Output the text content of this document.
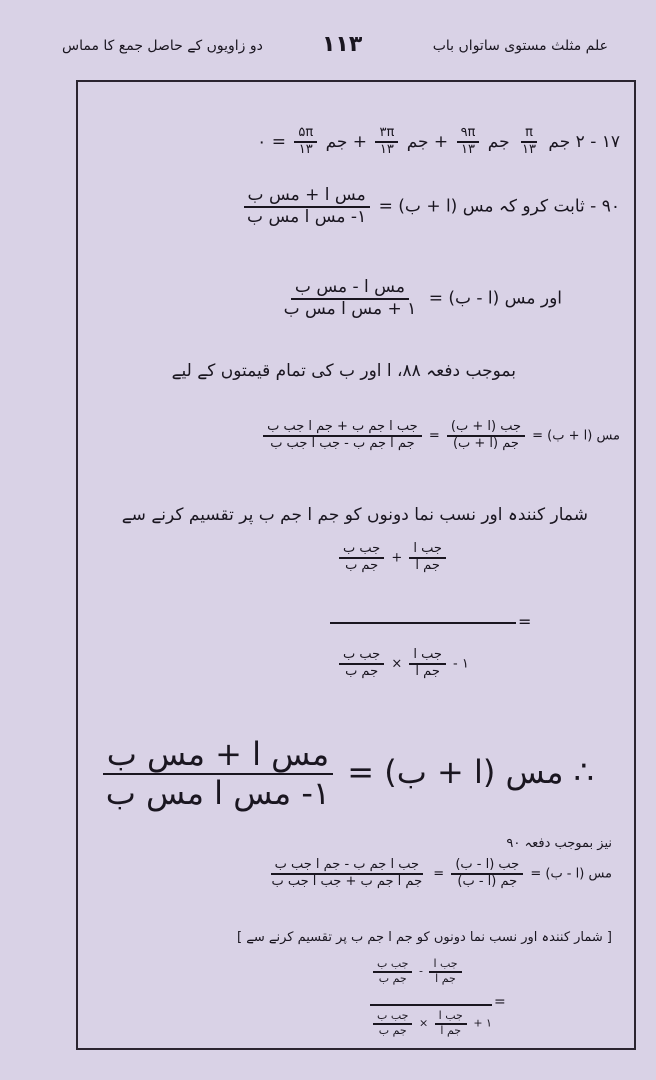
علم مثلث مستوی ساتواں باب
۱۱۳
دو زاویوں کے حاصل جمع کا مماس
۱۷ - ۲ جم
$\frac{\pi}{۱۳}$
جم
$\frac{۹\pi}{۱۳}$
+ جم
$\frac{۳\pi}{۱۳}$
+ جم
$\frac{۵\pi}{۱۳}$
= ۰
۹۰ - ثابت کرو کہ مس (ا + ب) =
$\frac{\text{مس ا + مس ب}}{\text{۱- مس ا مس ب}}$
اور مس (ا - ب) =
$\frac{\text{مس ا - مس ب}}{\text{۱ + مس ا مس ب}}$
بموجب دفعہ ۸۸، ا اور ب کی تمام قیمتوں کے لیے
مس (ا + ب) =
$\frac{\text{جب (ا + ب)}}{\text{جم (ا + ب)}}$
=
$\frac{\text{جب ا جم ب + جم ا جب ب}}{\text{جم ا جم ب - جب ا جب ب}}$
شمار کنندہ اور نسب نما دونوں کو جم ا جم ب پر تقسیم کرنے سے
$\frac{\text{جب ا}}{\text{جم ا}}$
+
$\frac{\text{جب ب}}{\text{جم ب}}$
=
۱ -
$\frac{\text{جب ا}}{\text{جم ا}}$
×
$\frac{\text{جب ب}}{\text{جم ب}}$
∴ مس (ا + ب) =
$\frac{\text{مس ا + مس ب}}{\text{۱- مس ا مس ب}}$
نیز بموجب دفعہ ۹۰
مس (ا - ب) =
$\frac{\text{جب (ا - ب)}}{\text{جم (ا - ب)}}$
=
$\frac{\text{جب ا جم ب - جم ا جب ب}}{\text{جم ا جم ب + جب ا جب ب}}$
[ شمار کنندہ اور نسب نما دونوں کو جم ا جم ب پر تقسیم کرنے سے ]
$\frac{\text{جب ا}}{\text{جم ا}}$
-
$\frac{\text{جب ب}}{\text{جم ب}}$
=
۱ +
$\frac{\text{جب ا}}{\text{جم ا}}$
×
$\frac{\text{جب ب}}{\text{جم ب}}$
